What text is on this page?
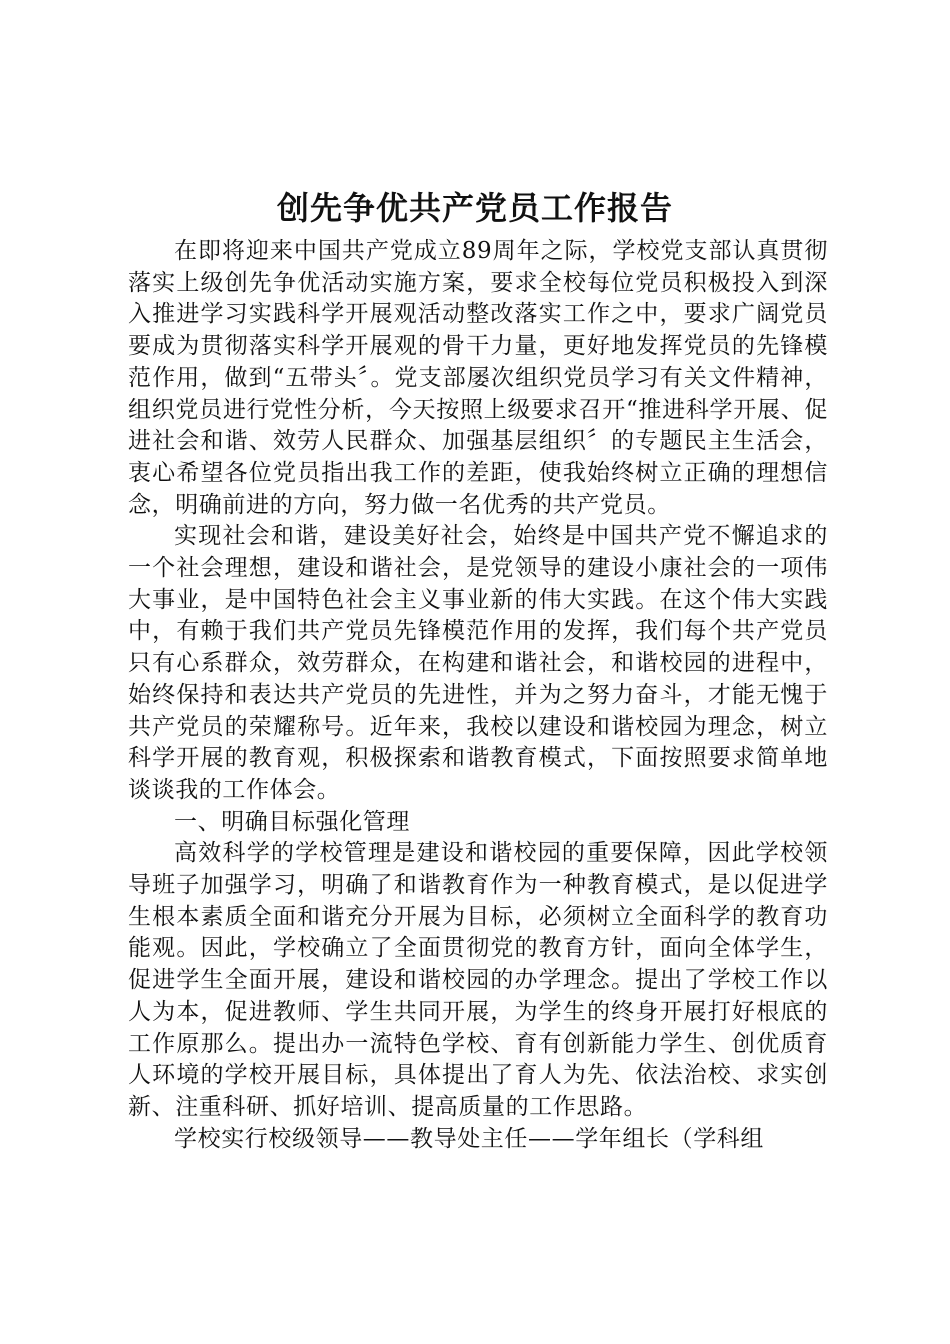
创先争优共产党员工作报告

在即将迎来中国共产党成立89周年之际，学校党支部认真贯彻落实上级创先争优活动实施方案，要求全校每位党员积极投入到深入推进学习实践科学开展观活动整改落实工作之中，要求广阔党员要成为贯彻落实科学开展观的骨干力量，更好地发挥党员的先锋模范作用，做到“五带头〞。党支部屡次组织党员学习有关文件精神，组织党员进行党性分析，今天按照上级要求召开“推进科学开展、促进社会和谐、效劳人民群众、加强基层组织〞的专题民主生活会，衷心希望各位党员指出我工作的差距，使我始终树立正确的理想信念，明确前进的方向，努力做一名优秀的共产党员。

实现社会和谐，建设美好社会，始终是中国共产党不懈追求的一个社会理想，建设和谐社会，是党领导的建设小康社会的一项伟大事业，是中国特色社会主义事业新的伟大实践。在这个伟大实践中，有赖于我们共产党员先锋模范作用的发挥，我们每个共产党员只有心系群众，效劳群众，在构建和谐社会，和谐校园的进程中，始终保持和表达共产党员的先进性，并为之努力奋斗，才能无愧于共产党员的荣耀称号。近年来，我校以建设和谐校园为理念，树立科学开展的教育观，积极探索和谐教育模式，下面按照要求简单地谈谈我的工作体会。

一、明确目标强化管理

高效科学的学校管理是建设和谐校园的重要保障，因此学校领导班子加强学习，明确了和谐教育作为一种教育模式，是以促进学生根本素质全面和谐充分开展为目标，必须树立全面科学的教育功能观。因此，学校确立了全面贯彻党的教育方针，面向全体学生，促进学生全面开展，建设和谐校园的办学理念。提出了学校工作以人为本，促进教师、学生共同开展，为学生的终身开展打好根底的工作原那么。提出办一流特色学校、育有创新能力学生、创优质育人环境的学校开展目标，具体提出了育人为先、依法治校、求实创新、注重科研、抓好培训、提高质量的工作思路。

学校实行校级领导——教导处主任——学年组长（学科组
